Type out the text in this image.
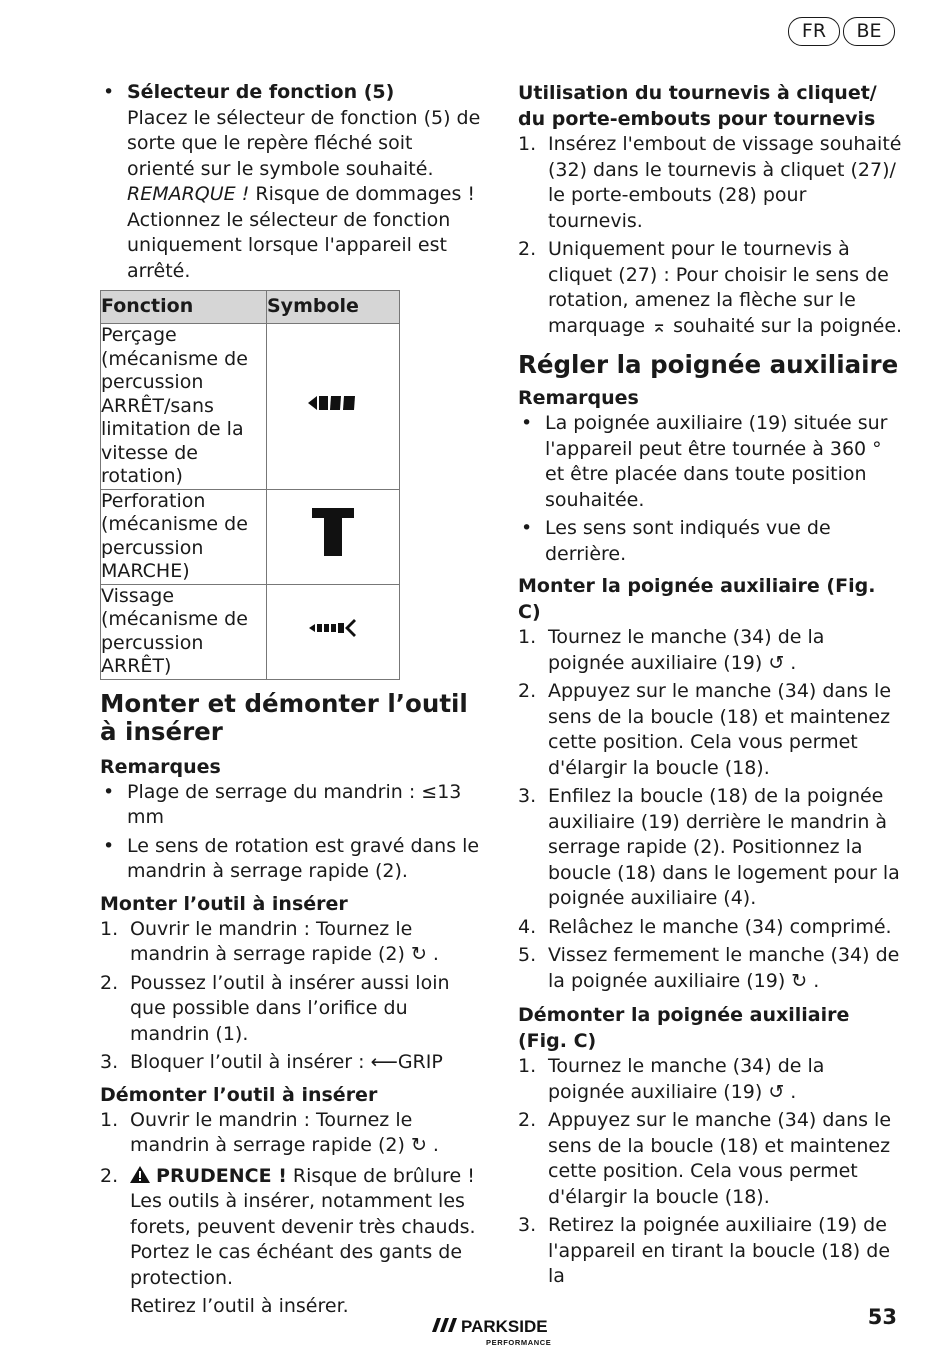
FR	BE
• Sélecteur de fonction (5)

Placez le sélecteur de fonction (5) de sorte que le repère fléché soit orienté sur le symbole souhaité.

REMARQUE ! Risque de dommages ! Actionnez le sélecteur de fonction uniquement lorsque l'appareil est arrêté.

Fonction	Symbole
Perçage (mécanisme de percussion ARRÊT/sans limitation de la vitesse de rotation)	
Perforation (mécanisme de percussion MARCHE)	
Vissage (mécanisme de percussion ARRÊT)	
Monter et démonter l’outil à insérer
Remarques
• Plage de serrage du mandrin : ≤13 mm
• Le sens de rotation est gravé dans le mandrin à serrage rapide (2).
Monter l’outil à insérer
1. Ouvrir le mandrin : Tournez le mandrin à serrage rapide (2) ↻ .
2. Poussez l’outil à insérer aussi loin que possible dans l’orifice du mandrin (1).
3. Bloquer l’outil à insérer : ⟵GRIP
Démonter l’outil à insérer
1. Ouvrir le mandrin : Tournez le mandrin à serrage rapide (2) ↻ .
2. PRUDENCE ! Risque de brûlure ! Les outils à insérer, notamment les forets, peuvent devenir très chauds. Portez le cas échéant des gants de protection.

Retirez l’outil à insérer.

Utilisation du tournevis à cliquet/ du porte-embouts pour tournevis
1. Insérez l'embout de vissage souhaité (32) dans le tournevis à cliquet (27)/ le porte-embouts (28) pour tournevis.
2. Uniquement pour le tournevis à cliquet (27) : Pour choisir le sens de rotation, amenez la flèche sur le marquage ⌅ souhaité sur la poignée.
Régler la poignée auxiliaire
Remarques
• La poignée auxiliaire (19) située sur l'appareil peut être tournée à 360 ° et être placée dans toute position souhaitée.
• Les sens sont indiqués vue de derrière.
Monter la poignée auxiliaire (Fig. C)
1. Tournez le manche (34) de la poignée auxiliaire (19) ↺ .
2. Appuyez sur le manche (34) dans le sens de la boucle (18) et maintenez cette position. Cela vous permet d'élargir la boucle (18).
3. Enfilez la boucle (18) de la poignée auxiliaire (19) derrière le mandrin à serrage rapide (2). Positionnez la boucle (18) dans le logement pour la poignée auxiliaire (4).
4. Relâchez le manche (34) comprimé.
5. Vissez fermement le manche (34) de la poignée auxiliaire (19) ↻ .
Démonter la poignée auxiliaire (Fig. C)
1. Tournez le manche (34) de la poignée auxiliaire (19) ↺ .
2. Appuyez sur le manche (34) dans le sens de la boucle (18) et maintenez cette position. Cela vous permet d'élargir la boucle (18).
3. Retirez la poignée auxiliaire (19) de l'appareil en tirant la boucle (18) de la
PARKSIDE
PERFORMANCE
53
